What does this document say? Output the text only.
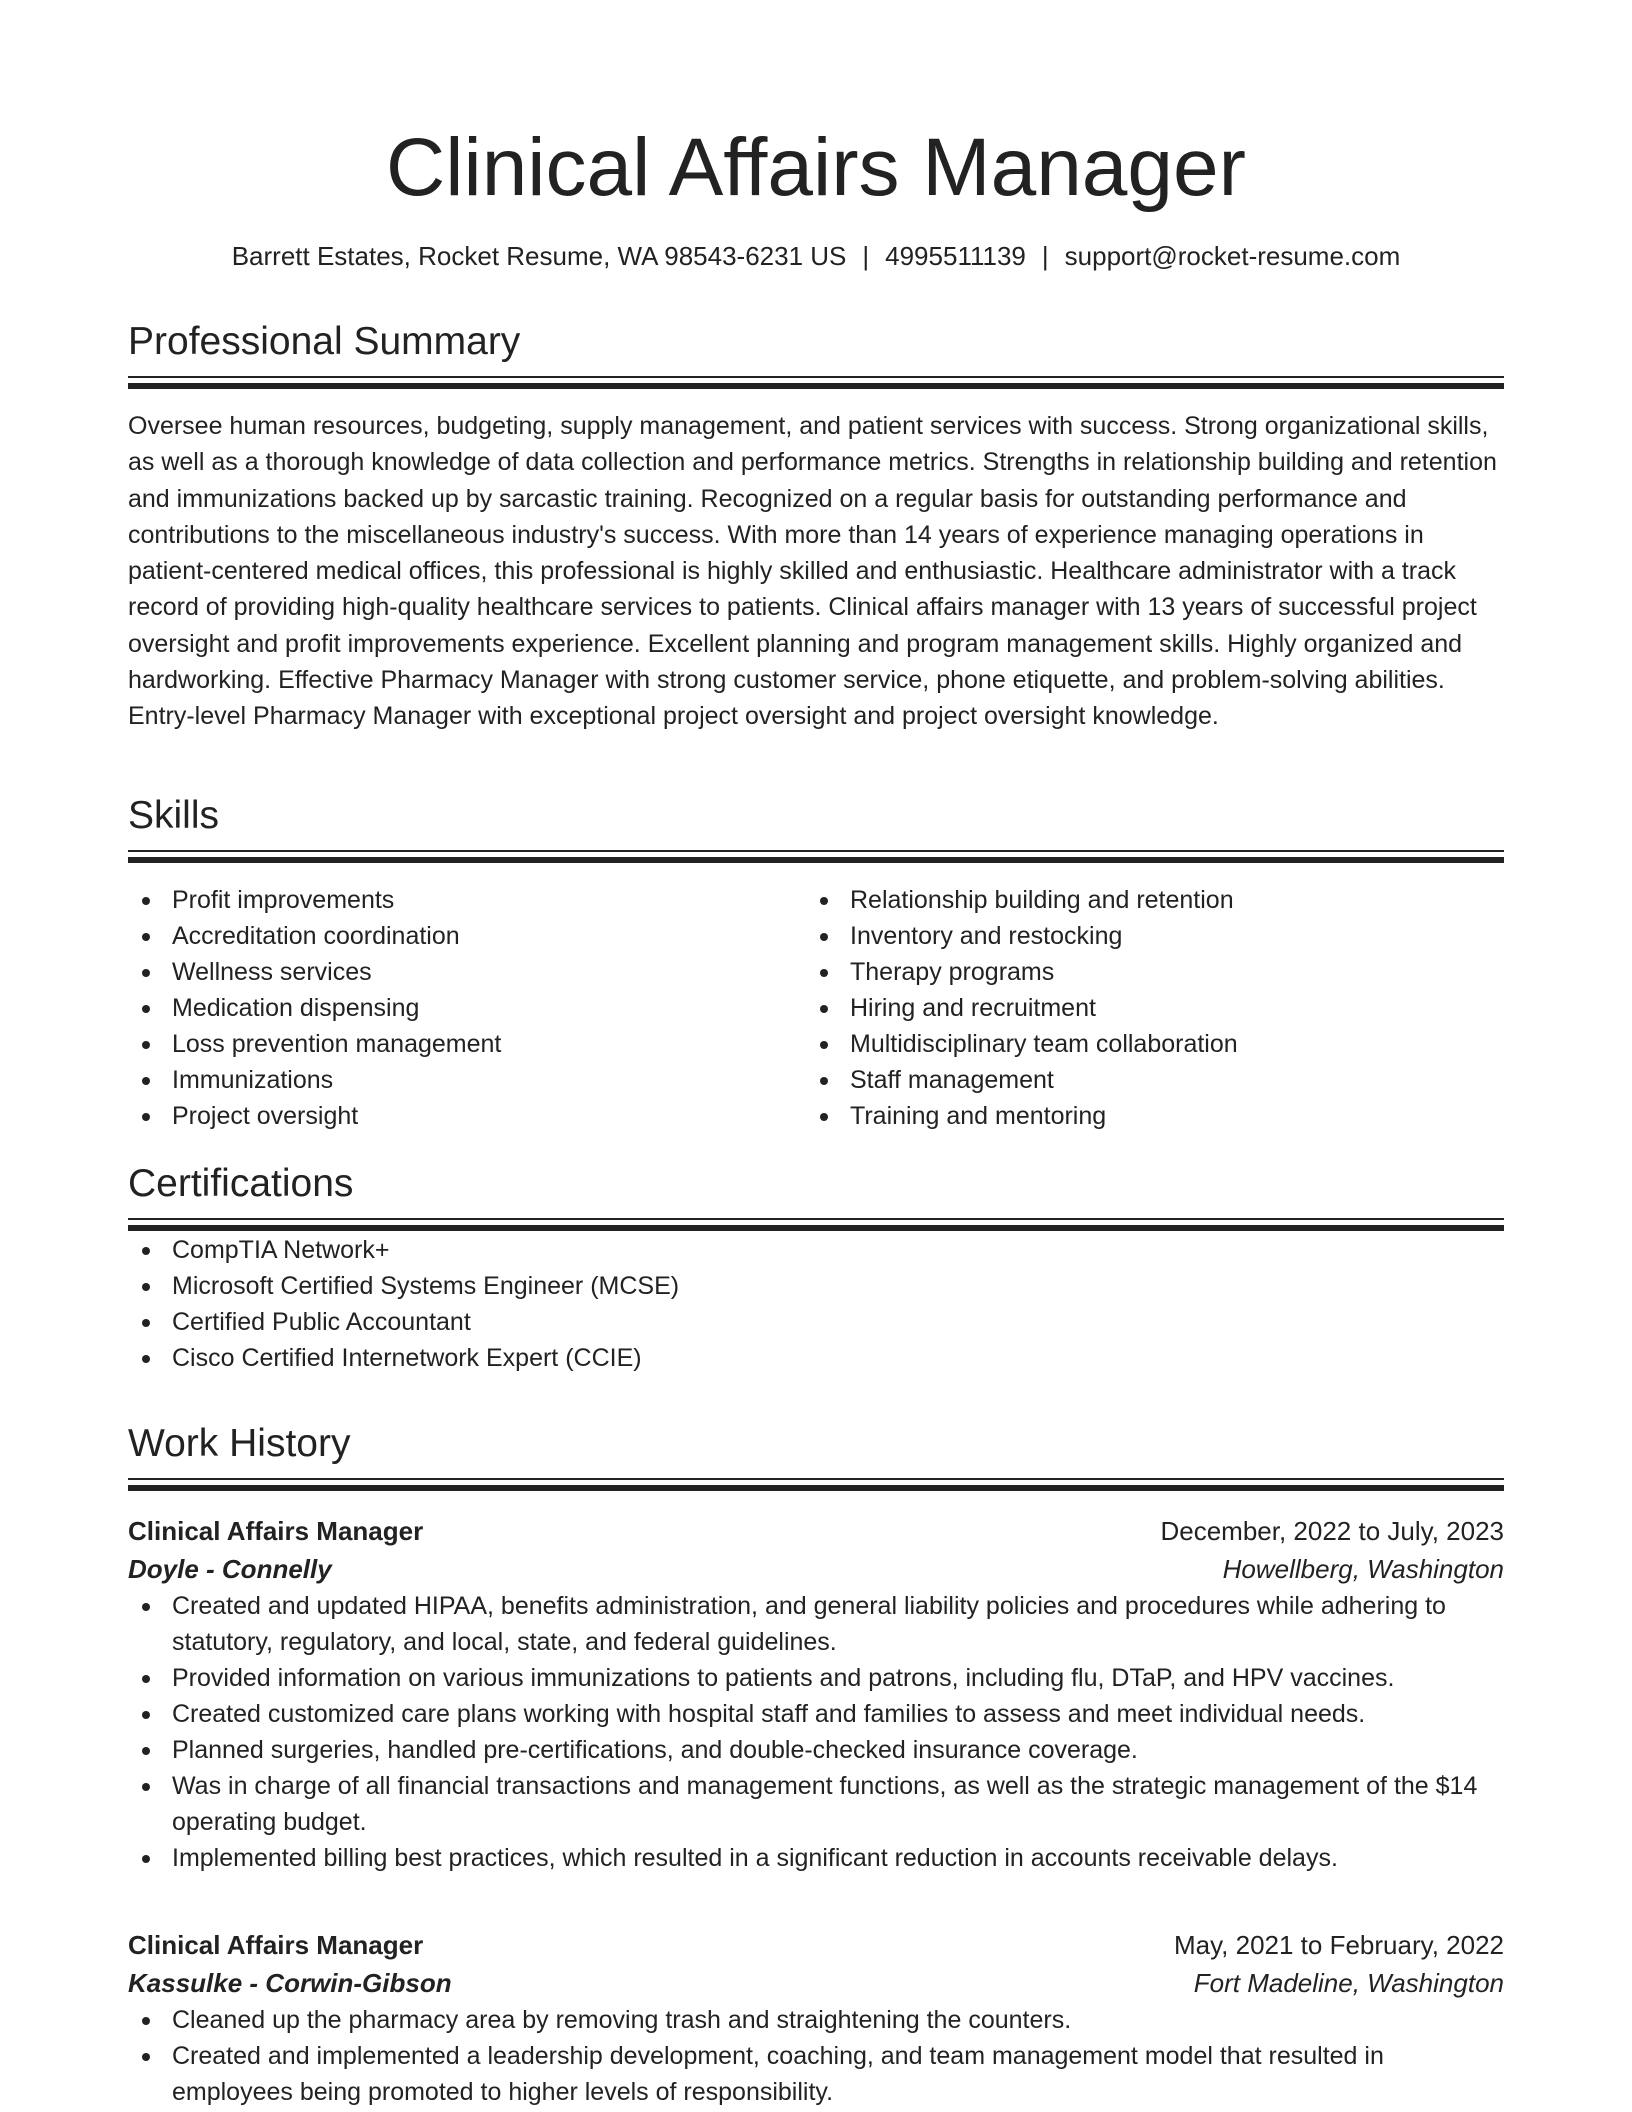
Clinical Affairs Manager
Barrett Estates, Rocket Resume, WA 98543-6231 US | 4995511139 | support@rocket-resume.com
Professional Summary
Oversee human resources, budgeting, supply management, and patient services with success. Strong organizational skills, as well as a thorough knowledge of data collection and performance metrics. Strengths in relationship building and retention and immunizations backed up by sarcastic training. Recognized on a regular basis for outstanding performance and contributions to the miscellaneous industry's success. With more than 14 years of experience managing operations in patient-centered medical offices, this professional is highly skilled and enthusiastic. Healthcare administrator with a track record of providing high-quality healthcare services to patients. Clinical affairs manager with 13 years of successful project oversight and profit improvements experience. Excellent planning and program management skills. Highly organized and hardworking. Effective Pharmacy Manager with strong customer service, phone etiquette, and problem-solving abilities. Entry-level Pharmacy Manager with exceptional project oversight and project oversight knowledge.
Skills
Profit improvements
Accreditation coordination
Wellness services
Medication dispensing
Loss prevention management
Immunizations
Project oversight
Relationship building and retention
Inventory and restocking
Therapy programs
Hiring and recruitment
Multidisciplinary team collaboration
Staff management
Training and mentoring
Certifications
CompTIA Network+
Microsoft Certified Systems Engineer (MCSE)
Certified Public Accountant
Cisco Certified Internetwork Expert (CCIE)
Work History
Clinical Affairs Manager	December, 2022 to July, 2023
Doyle - Connelly	Howellberg, Washington
Created and updated HIPAA, benefits administration, and general liability policies and procedures while adhering to statutory, regulatory, and local, state, and federal guidelines.
Provided information on various immunizations to patients and patrons, including flu, DTaP, and HPV vaccines.
Created customized care plans working with hospital staff and families to assess and meet individual needs.
Planned surgeries, handled pre-certifications, and double-checked insurance coverage.
Was in charge of all financial transactions and management functions, as well as the strategic management of the $14 operating budget.
Implemented billing best practices, which resulted in a significant reduction in accounts receivable delays.
Clinical Affairs Manager	May, 2021 to February, 2022
Kassulke - Corwin-Gibson	Fort Madeline, Washington
Cleaned up the pharmacy area by removing trash and straightening the counters.
Created and implemented a leadership development, coaching, and team management model that resulted in employees being promoted to higher levels of responsibility.
